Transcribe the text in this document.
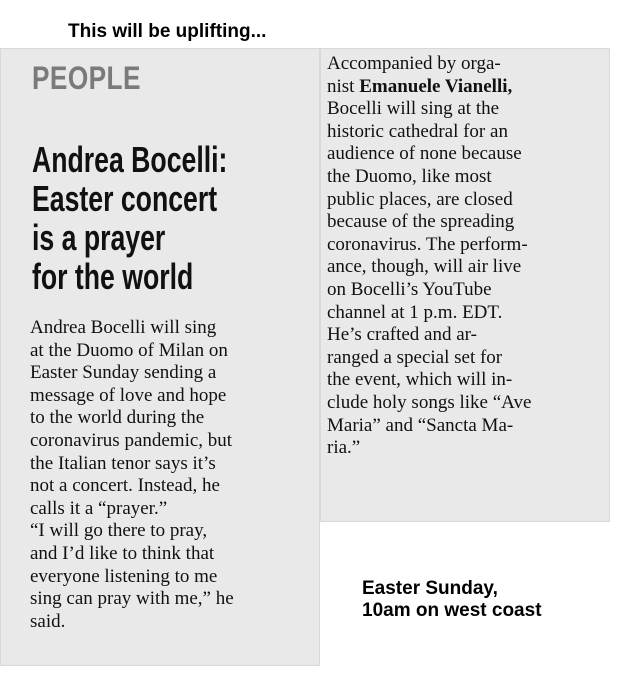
This will be uplifting...

PEOPLE

Andrea Bocelli:
Easter concert
is a prayer
for the world

Andrea Bocelli will sing
at the Duomo of Milan on
Easter Sunday sending a
message of love and hope
to the world during the
coronavirus pandemic, but
the Italian tenor says it’s
not a concert. Instead, he
calls it a “prayer.”
“I will go there to pray,
and I’d like to think that
everyone listening to me
sing can pray with me,” he
said.

Accompanied by orga-
nist Emanuele Vianelli,
Bocelli will sing at the
historic cathedral for an
audience of none because
the Duomo, like most
public places, are closed
because of the spreading
coronavirus. The perform-
ance, though, will air live
on Bocelli’s YouTube
channel at 1 p.m. EDT.
He’s crafted and ar-
ranged a special set for
the event, which will in-
clude holy songs like “Ave
Maria” and “Sancta Ma-
ria.”

Easter Sunday,
10am on west coast
